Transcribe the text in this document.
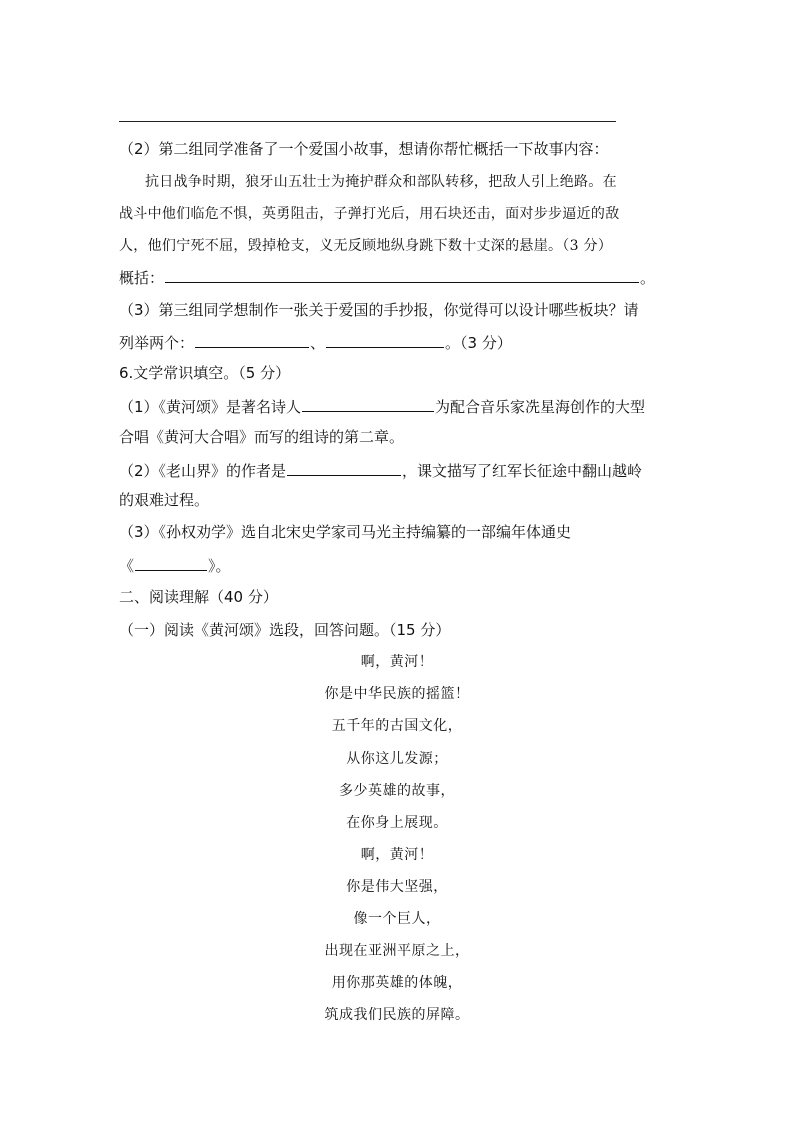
（2）第二组同学准备了一个爱国小故事，想请你帮忙概括一下故事内容：
抗日战争时期，狼牙山五壮士为掩护群众和部队转移，把敌人引上绝路。在
战斗中他们临危不惧，英勇阻击，子弹打光后，用石块还击，面对步步逼近的敌
人，他们宁死不屈，毁掉枪支，义无反顾地纵身跳下数十丈深的悬崖。（3 分）
概括：	。
（3）第三组同学想制作一张关于爱国的手抄报，你觉得可以设计哪些板块？请
列举两个：	、	。（3 分）
6.文学常识填空。（5 分）
（1）《黄河颂》是著名诗人	为配合音乐家冼星海创作的大型
合唱《黄河大合唱》而写的组诗的第二章。
（2）《老山界》的作者是	，课文描写了红军长征途中翻山越岭
的艰难过程。
（3）《孙权劝学》选自北宋史学家司马光主持编纂的一部编年体通史
《	》。
二、阅读理解（40 分）
（一）阅读《黄河颂》选段，回答问题。（15 分）
啊，黄河！
你是中华民族的摇篮！
五千年的古国文化，
从你这儿发源；
多少英雄的故事，
在你身上展现。
啊，黄河！
你是伟大坚强，
像一个巨人，
出现在亚洲平原之上，
用你那英雄的体魄，
筑成我们民族的屏障。
